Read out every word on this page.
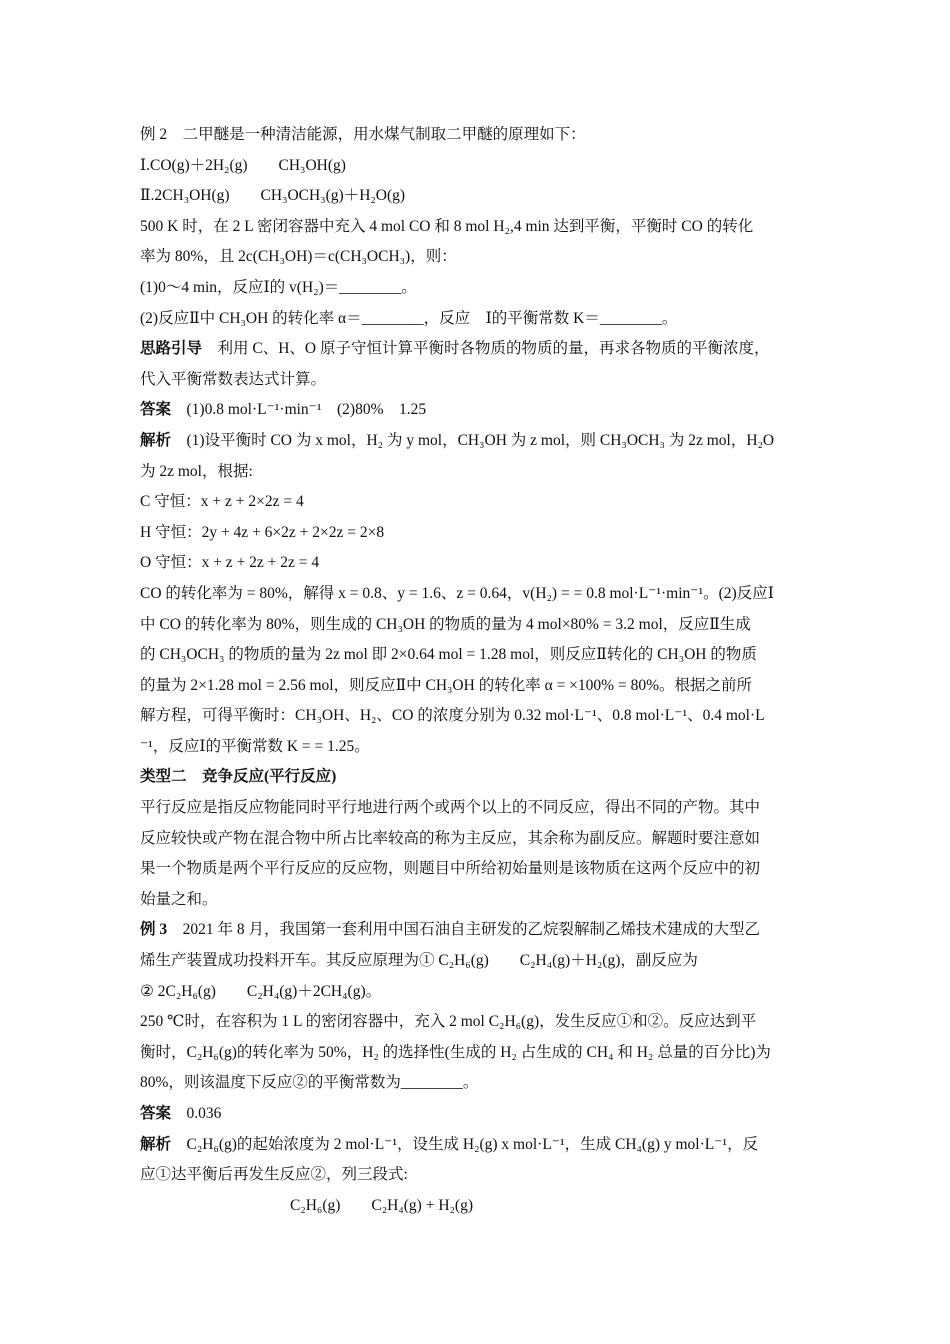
例 2　二甲醚是一种清洁能源，用水煤气制取二甲醚的原理如下：
Ⅰ.CO(g)＋2H₂(g)　　CH₃OH(g)
Ⅱ.2CH₃OH(g)　　CH₃OCH₃(g)＋H₂O(g)
500 K 时，在 2 L 密闭容器中充入 4 mol CO 和 8 mol H₂,4 min 达到平衡，平衡时 CO 的转化
率为 80%，且 2c(CH₃OH)＝c(CH₃OCH₃)，则：
(1)0～4 min，反应Ⅰ的 v(H₂)＝________。
(2)反应Ⅱ中 CH₃OH 的转化率 α＝________，反应　Ⅰ的平衡常数 K＝________。
思路引导　利用 C、H、O 原子守恒计算平衡时各物质的物质的量，再求各物质的平衡浓度，
代入平衡常数表达式计算。
答案　(1)0.8 mol·L⁻¹·min⁻¹　(2)80%　1.25
解析　(1)设平衡时 CO 为 x mol，H₂ 为 y mol，CH₃OH 为 z mol，则 CH₃OCH₃ 为 2z mol，H₂O
为 2z mol，根据:
C 守恒：x + z + 2×2z = 4
H 守恒：2y + 4z + 6×2z + 2×2z = 2×8
O 守恒：x + z + 2z + 2z = 4
CO 的转化率为 = 80%，解得 x = 0.8、y = 1.6、z = 0.64，v(H₂) = = 0.8 mol·L⁻¹·min⁻¹。(2)反应Ⅰ
中 CO 的转化率为 80%，则生成的 CH₃OH 的物质的量为 4 mol×80% = 3.2 mol，反应Ⅱ生成
的 CH₃OCH₃ 的物质的量为 2z mol 即 2×0.64 mol = 1.28 mol，则反应Ⅱ转化的 CH₃OH 的物质
的量为 2×1.28 mol = 2.56 mol，则反应Ⅱ中 CH₃OH 的转化率 α = ×100% = 80%。根据之前所
解方程，可得平衡时：CH₃OH、H₂、CO 的浓度分别为 0.32 mol·L⁻¹、0.8 mol·L⁻¹、0.4 mol·L
⁻¹，反应Ⅰ的平衡常数 K = = 1.25。
类型二　竞争反应(平行反应)
平行反应是指反应物能同时平行地进行两个或两个以上的不同反应，得出不同的产物。其中
反应较快或产物在混合物中所占比率较高的称为主反应，其余称为副反应。解题时要注意如
果一个物质是两个平行反应的反应物，则题目中所给初始量则是该物质在这两个反应中的初
始量之和。
例 3　2021 年 8 月，我国第一套利用中国石油自主研发的乙烷裂解制乙烯技术建成的大型乙
烯生产装置成功投料开车。其反应原理为① C₂H₆(g)　　C₂H₄(g)＋H₂(g)，副反应为
② 2C₂H₆(g)　　C₂H₄(g)＋2CH₄(g)。
250 ℃时，在容积为 1 L 的密闭容器中，充入 2 mol C₂H₆(g)，发生反应①和②。反应达到平
衡时，C₂H₆(g)的转化率为 50%，H₂ 的选择性(生成的 H₂ 占生成的 CH₄ 和 H₂ 总量的百分比)为
80%，则该温度下反应②的平衡常数为________。
答案　0.036
解析　C₂H₆(g)的起始浓度为 2 mol·L⁻¹，设生成 H₂(g) x mol·L⁻¹，生成 CH₄(g) y mol·L⁻¹，反
应①达平衡后再发生反应②，列三段式:
C₂H₆(g)　　C₂H₄(g) + H₂(g)
